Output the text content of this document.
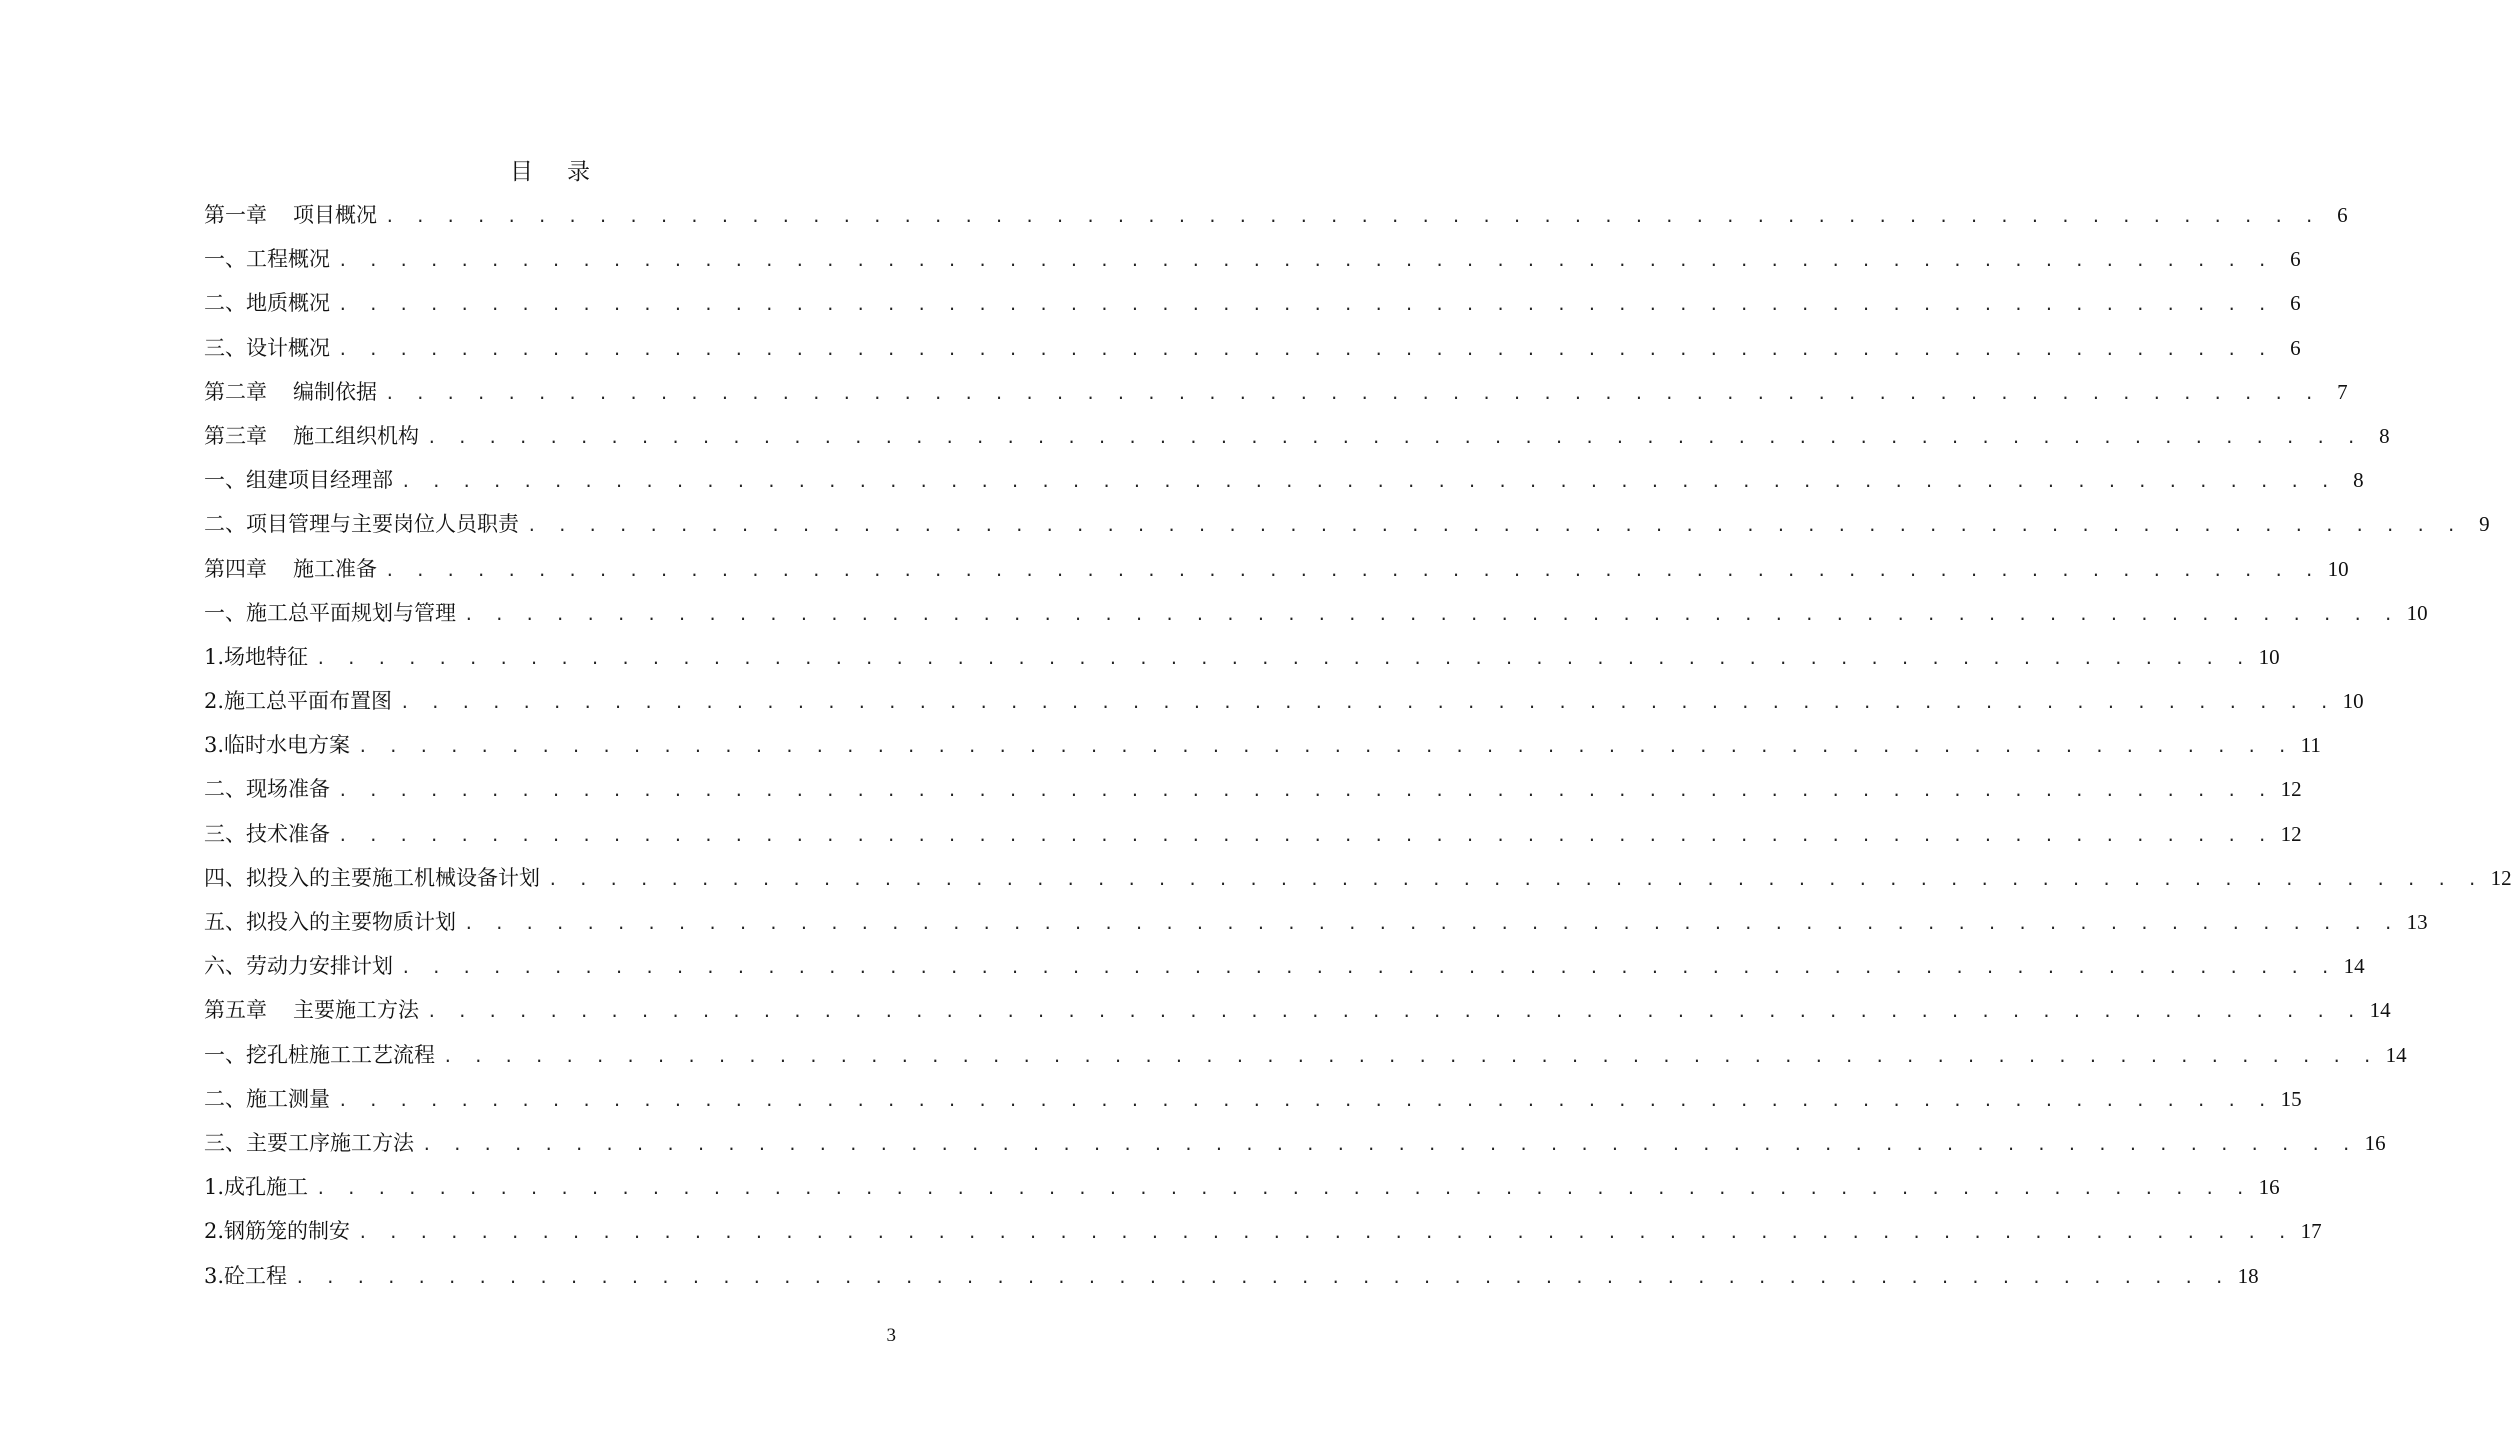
目 录
第一章 项目概况 . . . . . . . . . . . . . . . . . . . . . . . . . . . . . . . . . . . . . . . . . . . . . . . . . . . . . . . . . . . . . . . . 6
一、工程概况 . . . . . . . . . . . . . . . . . . . . . . . . . . . . . . . . . . . . . . . . . . . . . . . . . . . . . . . . . . . . . . . . 6
二、地质概况 . . . . . . . . . . . . . . . . . . . . . . . . . . . . . . . . . . . . . . . . . . . . . . . . . . . . . . . . . . . . . . . . 6
三、设计概况 . . . . . . . . . . . . . . . . . . . . . . . . . . . . . . . . . . . . . . . . . . . . . . . . . . . . . . . . . . . . . . . . 6
第二章 编制依据 . . . . . . . . . . . . . . . . . . . . . . . . . . . . . . . . . . . . . . . . . . . . . . . . . . . . . . . . . . . . . . . . 7
第三章 施工组织机构 . . . . . . . . . . . . . . . . . . . . . . . . . . . . . . . . . . . . . . . . . . . . . . . . . . . . . . . . . . . . . . . . 8
一、组建项目经理部 . . . . . . . . . . . . . . . . . . . . . . . . . . . . . . . . . . . . . . . . . . . . . . . . . . . . . . . . . . . . . . . . 8
二、项目管理与主要岗位人员职责 . . . . . . . . . . . . . . . . . . . . . . . . . . . . . . . . . . . . . . . . . . . . . . . . . . . . . . . . . . . . . . . . 9
第四章 施工准备 . . . . . . . . . . . . . . . . . . . . . . . . . . . . . . . . . . . . . . . . . . . . . . . . . . . . . . . . . . . . . . . . 10
一、施工总平面规划与管理 . . . . . . . . . . . . . . . . . . . . . . . . . . . . . . . . . . . . . . . . . . . . . . . . . . . . . . . . . . . . . . . . 10
1.场地特征 . . . . . . . . . . . . . . . . . . . . . . . . . . . . . . . . . . . . . . . . . . . . . . . . . . . . . . . . . . . . . . . . 10
2.施工总平面布置图 . . . . . . . . . . . . . . . . . . . . . . . . . . . . . . . . . . . . . . . . . . . . . . . . . . . . . . . . . . . . . . . . 10
3.临时水电方案 . . . . . . . . . . . . . . . . . . . . . . . . . . . . . . . . . . . . . . . . . . . . . . . . . . . . . . . . . . . . . . . . 11
二、现场准备 . . . . . . . . . . . . . . . . . . . . . . . . . . . . . . . . . . . . . . . . . . . . . . . . . . . . . . . . . . . . . . . . 12
三、技术准备 . . . . . . . . . . . . . . . . . . . . . . . . . . . . . . . . . . . . . . . . . . . . . . . . . . . . . . . . . . . . . . . . 12
四、拟投入的主要施工机械设备计划 . . . . . . . . . . . . . . . . . . . . . . . . . . . . . . . . . . . . . . . . . . . . . . . . . . . . . . . . . . . . . . . . 12
五、拟投入的主要物质计划 . . . . . . . . . . . . . . . . . . . . . . . . . . . . . . . . . . . . . . . . . . . . . . . . . . . . . . . . . . . . . . . . 13
六、劳动力安排计划 . . . . . . . . . . . . . . . . . . . . . . . . . . . . . . . . . . . . . . . . . . . . . . . . . . . . . . . . . . . . . . . . 14
第五章 主要施工方法 . . . . . . . . . . . . . . . . . . . . . . . . . . . . . . . . . . . . . . . . . . . . . . . . . . . . . . . . . . . . . . . . 14
一、挖孔桩施工工艺流程 . . . . . . . . . . . . . . . . . . . . . . . . . . . . . . . . . . . . . . . . . . . . . . . . . . . . . . . . . . . . . . . . 14
二、施工测量 . . . . . . . . . . . . . . . . . . . . . . . . . . . . . . . . . . . . . . . . . . . . . . . . . . . . . . . . . . . . . . . . 15
三、主要工序施工方法 . . . . . . . . . . . . . . . . . . . . . . . . . . . . . . . . . . . . . . . . . . . . . . . . . . . . . . . . . . . . . . . . 16
1.成孔施工 . . . . . . . . . . . . . . . . . . . . . . . . . . . . . . . . . . . . . . . . . . . . . . . . . . . . . . . . . . . . . . . . 16
2.钢筋笼的制安 . . . . . . . . . . . . . . . . . . . . . . . . . . . . . . . . . . . . . . . . . . . . . . . . . . . . . . . . . . . . . . . . 17
3.砼工程 . . . . . . . . . . . . . . . . . . . . . . . . . . . . . . . . . . . . . . . . . . . . . . . . . . . . . . . . . . . . . . . . 18
3
